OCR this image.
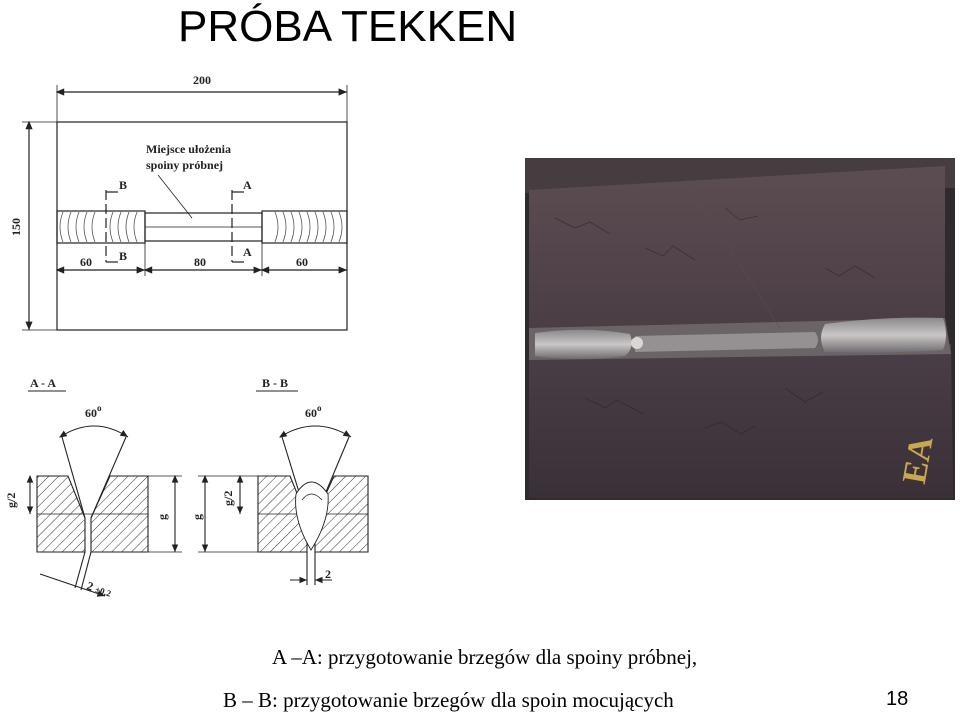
PRÓBA TEKKEN
200
150
60	80	60
Miejsce ułożenia
spoiny próbnej
B
B
A
A
A - A
60$^o$
g/2
g
2 ±0,2
B - B
60$^o$
g/2
g
2
EA
A –A: przygotowanie brzegów dla spoiny próbnej,
B – B: przygotowanie brzegów dla spoin mocujących	18
